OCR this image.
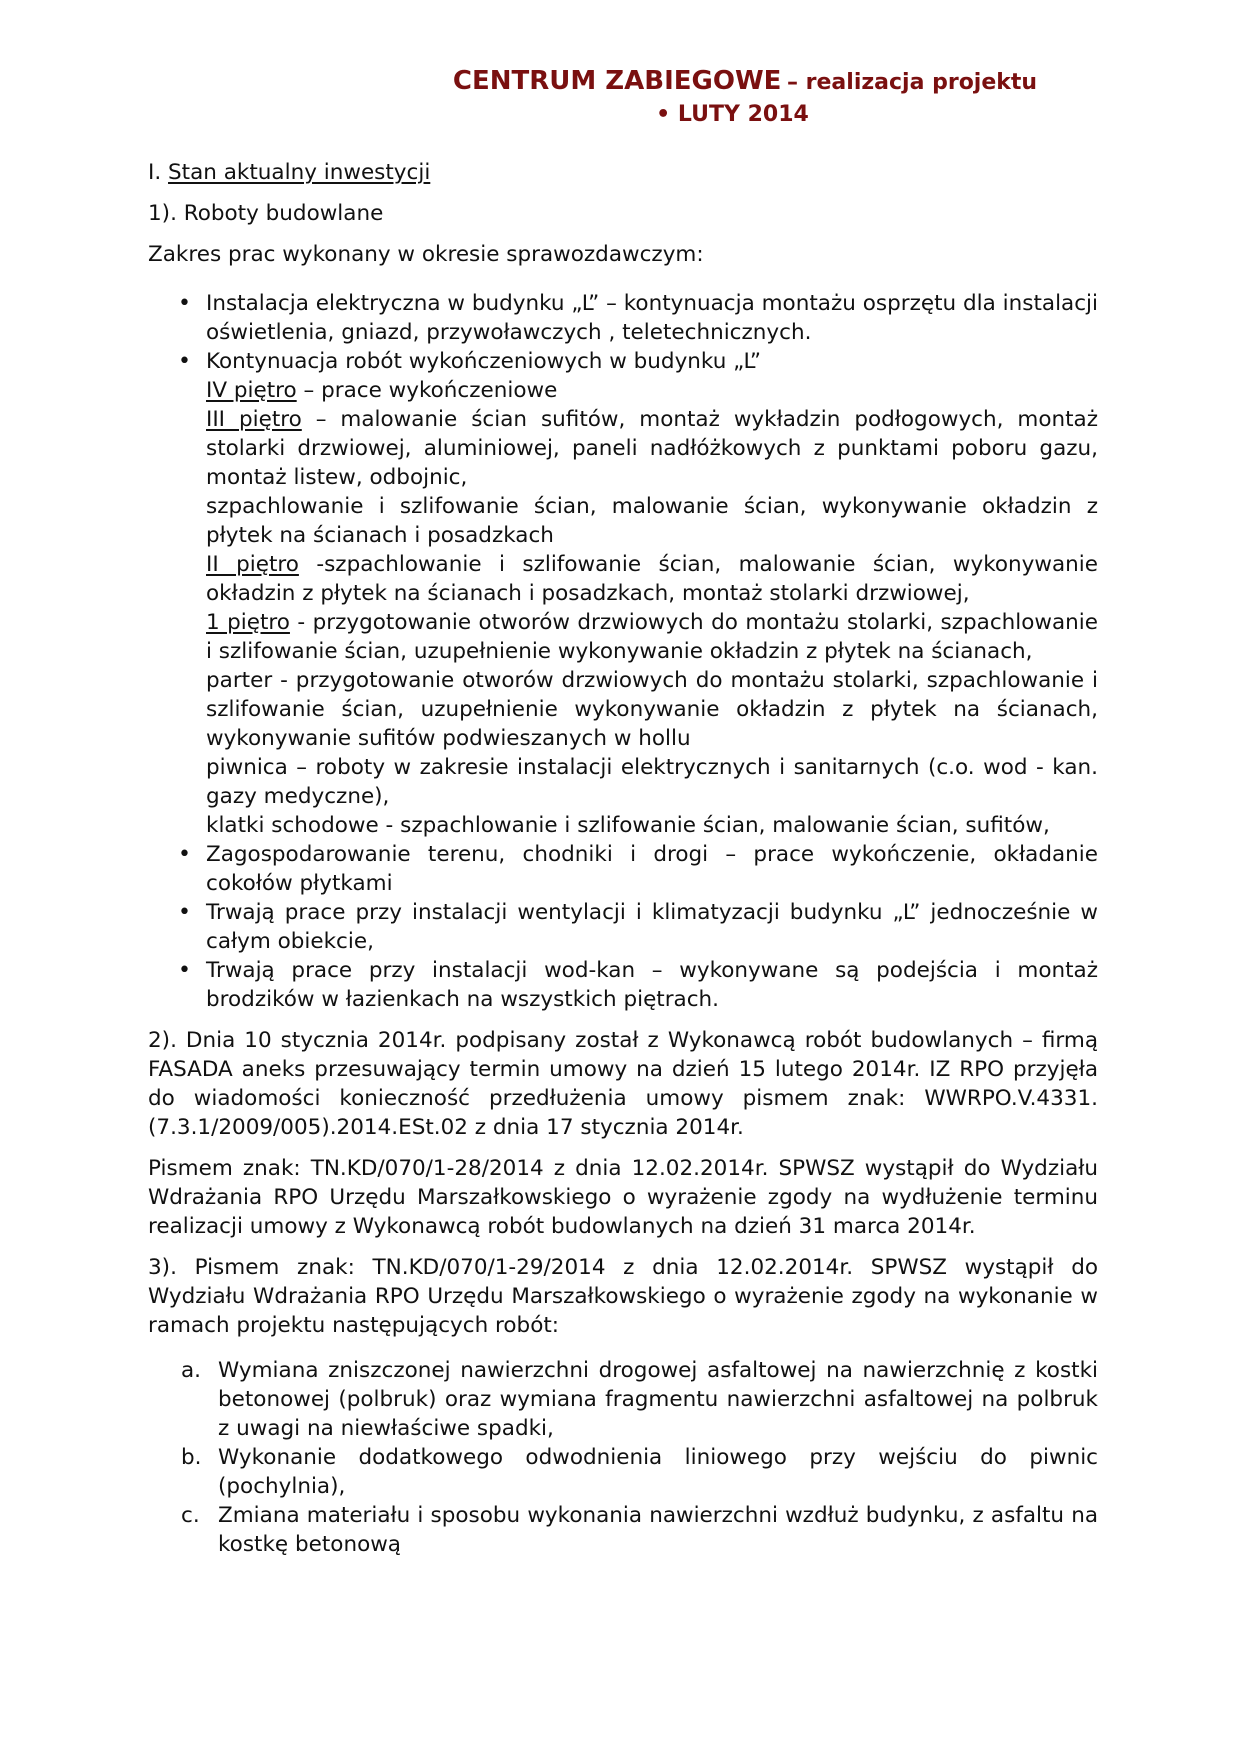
CENTRUM ZABIEGOWE – realizacja projektu
• LUTY 2014
I. Stan aktualny inwestycji
1). Roboty budowlane
Zakres prac wykonany w okresie sprawozdawczym:
• Instalacja elektryczna w budynku „L” – kontynuacja montażu osprzętu dla instalacji oświetlenia, gniazd, przywoławczych , teletechnicznych.
• Kontynuacja robót wykończeniowych w budynku „L”
IV piętro – prace wykończeniowe
III piętro – malowanie ścian sufitów, montaż wykładzin podłogowych, montaż stolarki drzwiowej, aluminiowej, paneli nadłóżkowych z punktami poboru gazu, montaż listew, odbojnic,
szpachlowanie i szlifowanie ścian, malowanie ścian, wykonywanie okładzin z płytek na ścianach i posadzkach
II piętro -szpachlowanie i szlifowanie ścian, malowanie ścian, wykonywanie okładzin z płytek na ścianach i posadzkach, montaż stolarki drzwiowej,
1 piętro - przygotowanie otworów drzwiowych do montażu stolarki, szpachlowanie i szlifowanie ścian, uzupełnienie wykonywanie okładzin z płytek na ścianach,
parter - przygotowanie otworów drzwiowych do montażu stolarki, szpachlowanie i szlifowanie ścian, uzupełnienie wykonywanie okładzin z płytek na ścianach, wykonywanie sufitów podwieszanych w hollu
piwnica – roboty w zakresie instalacji elektrycznych i sanitarnych (c.o. wod - kan. gazy medyczne),
klatki schodowe - szpachlowanie i szlifowanie ścian, malowanie ścian, sufitów,
• Zagospodarowanie terenu, chodniki i drogi – prace wykończenie, okładanie cokołów płytkami
• Trwają prace przy instalacji wentylacji i klimatyzacji budynku „L” jednocześnie w całym obiekcie,
• Trwają prace przy instalacji wod-kan – wykonywane są podejścia i montaż brodzików w łazienkach na wszystkich piętrach.

2). Dnia 10 stycznia 2014r. podpisany został z Wykonawcą robót budowlanych – firmą FASADA aneks przesuwający termin umowy na dzień 15 lutego 2014r. IZ RPO przyjęła do wiadomości konieczność przedłużenia umowy pismem znak: WWRPO.V.4331.(7.3.1/2009/005).2014.ESt.02 z dnia 17 stycznia 2014r.

Pismem znak: TN.KD/070/1-28/2014 z dnia 12.02.2014r. SPWSZ wystąpił do Wydziału Wdrażania RPO Urzędu Marszałkowskiego o wyrażenie zgody na wydłużenie terminu realizacji umowy z Wykonawcą robót budowlanych na dzień 31 marca 2014r.

3). Pismem znak: TN.KD/070/1-29/2014 z dnia 12.02.2014r. SPWSZ wystąpił do Wydziału Wdrażania RPO Urzędu Marszałkowskiego o wyrażenie zgody na wykonanie w ramach projektu następujących robót:

a. Wymiana zniszczonej nawierzchni drogowej asfaltowej na nawierzchnię z kostki betonowej (polbruk) oraz wymiana fragmentu nawierzchni asfaltowej na polbruk z uwagi na niewłaściwe spadki,
b. Wykonanie dodatkowego odwodnienia liniowego przy wejściu do piwnic (pochylnia),
c. Zmiana materiału i sposobu wykonania nawierzchni wzdłuż budynku, z asfaltu na kostkę betonową
